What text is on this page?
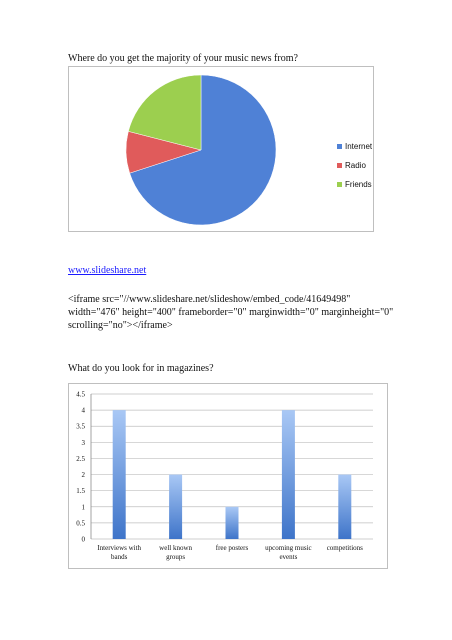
Where do you get the majority of your music news from?
Internet
Radio
Friends
www.slideshare.net
<iframe src="//www.slideshare.net/slideshow/embed_code/41649498"
width="476" height="400" frameborder="0" marginwidth="0" marginheight="0"
scrolling="no"></iframe>
What do you look for in magazines?
0
0.5
1
1.5
2
2.5
3
3.5
4
4.5
Interviews with bands
well known groups
free posters upcoming music events
competitions
